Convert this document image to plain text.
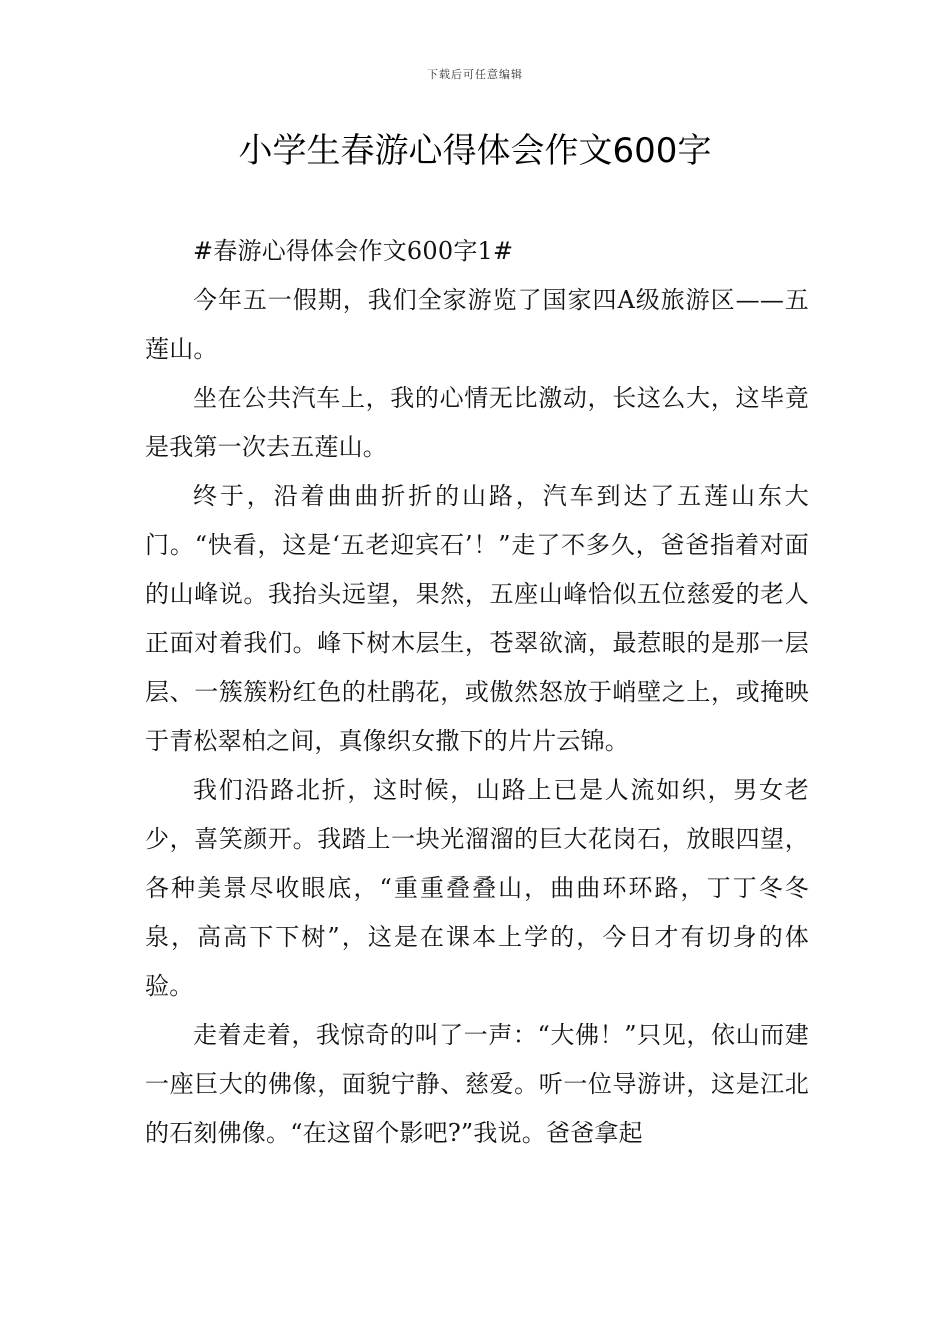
下载后可任意编辑
小学生春游心得体会作文600字

#春游心得体会作文600字1#

今年五一假期，我们全家游览了国家四A级旅游区——五莲山。

坐在公共汽车上，我的心情无比激动，长这么大，这毕竟是我第一次去五莲山。

终于，沿着曲曲折折的山路，汽车到达了五莲山东大门。“快看，这是‘五老迎宾石’！”走了不多久，爸爸指着对面的山峰说。我抬头远望，果然，五座山峰恰似五位慈爱的老人正面对着我们。峰下树木层生，苍翠欲滴，最惹眼的是那一层层、一簇簇粉红色的杜鹃花，或傲然怒放于峭壁之上，或掩映于青松翠柏之间，真像织女撒下的片片云锦。

我们沿路北折，这时候，山路上已是人流如织，男女老少，喜笑颜开。我踏上一块光溜溜的巨大花岗石，放眼四望，各种美景尽收眼底，“重重叠叠山，曲曲环环路，丁丁冬冬泉，高高下下树”，这是在课本上学的，今日才有切身的体验。

走着走着，我惊奇的叫了一声：“大佛！”只见，依山而建一座巨大的佛像，面貌宁静、慈爱。听一位导游讲，这是江北的石刻佛像。“在这留个影吧?”我说。爸爸拿起
